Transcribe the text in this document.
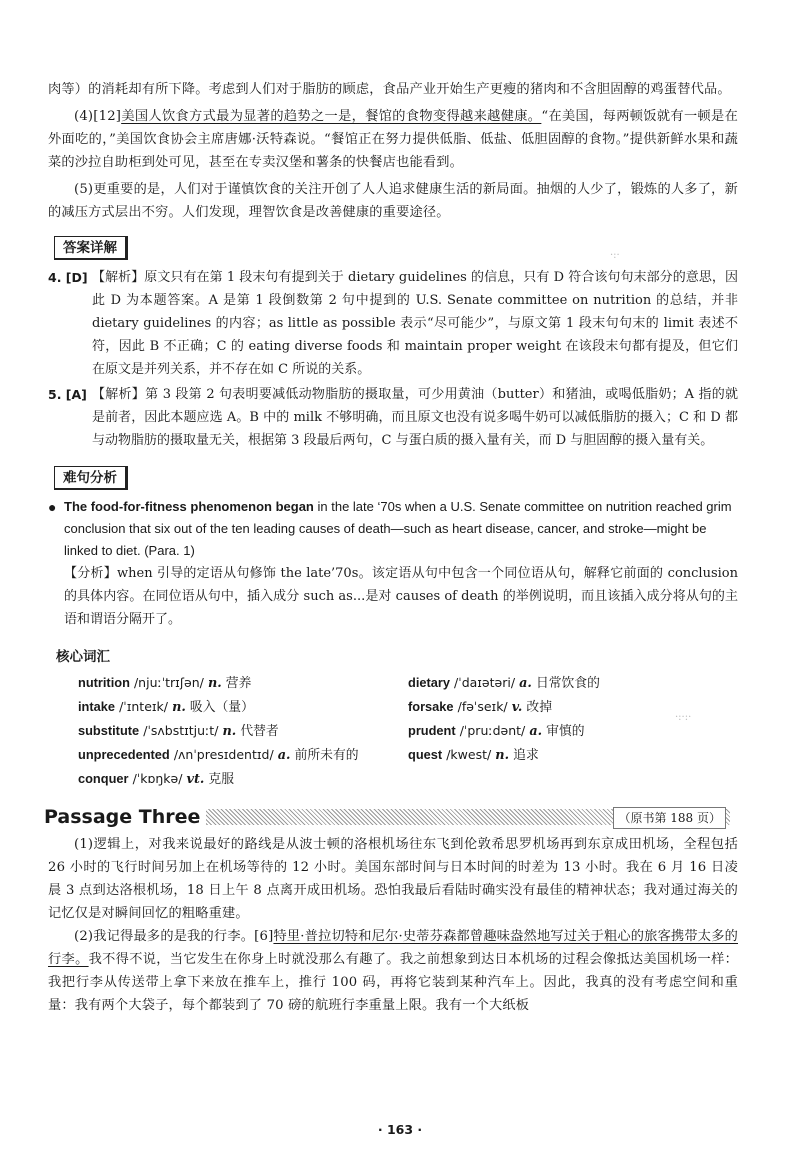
肉等）的消耗却有所下降。考虑到人们对于脂肪的顾虑，食品产业开始生产更瘦的猪肉和不含胆固醇的鸡蛋替代品。

(4)[12]美国人饮食方式最为显著的趋势之一是，餐馆的食物变得越来越健康。“在美国，每两顿饭就有一顿是在外面吃的，”美国饮食协会主席唐娜·沃特森说。“餐馆正在努力提供低脂、低盐、低胆固醇的食物。”提供新鲜水果和蔬菜的沙拉自助柜到处可见，甚至在专卖汉堡和薯条的快餐店也能看到。

(5)更重要的是，人们对于谨慎饮食的关注开创了人人追求健康生活的新局面。抽烟的人少了，锻炼的人多了，新的减压方式层出不穷。人们发现，理智饮食是改善健康的重要途径。

答案详解
4. [D] 【解析】原文只有在第 1 段末句有提到关于 dietary guidelines 的信息，只有 D 符合该句句末部分的意思，因此 D 为本题答案。A 是第 1 段倒数第 2 句中提到的 U.S. Senate committee on nutrition 的总结，并非 dietary guidelines 的内容；as little as possible 表示“尽可能少”，与原文第 1 段末句句末的 limit 表述不符，因此 B 不正确；C 的 eating diverse foods 和 maintain proper weight 在该段末句都有提及，但它们在原文是并列关系，并不存在如 C 所说的关系。
5. [A] 【解析】第 3 段第 2 句表明要减低动物脂肪的摄取量，可少用黄油（butter）和猪油，或喝低脂奶；A 指的就是前者，因此本题应选 A。B 中的 milk 不够明确，而且原文也没有说多喝牛奶可以减低脂肪的摄入；C 和 D 都与动物脂肪的摄取量无关，根据第 3 段最后两句，C 与蛋白质的摄入量有关，而 D 与胆固醇的摄入量有关。
难句分析
● The food-for-fitness phenomenon began in the late ‘70s when a U.S. Senate committee on nutrition reached grim conclusion that six out of the ten leading causes of death—such as heart disease, cancer, and stroke—might be linked to diet. (Para. 1)
【分析】when 引导的定语从句修饰 the late’70s。该定语从句中包含一个同位语从句，解释它前面的 conclusion 的具体内容。在同位语从句中，插入成分 such as...是对 causes of death 的举例说明，而且该插入成分将从句的主语和谓语分隔开了。
核心词汇
nutrition /njuːˈtrɪʃən/ n. 营养	dietary /ˈdaɪətəri/ a. 日常饮食的
intake /ˈɪnteɪk/ n. 吸入（量）	forsake /fəˈseɪk/ v. 改掉
substitute /ˈsʌbstɪtjuːt/ n. 代替者	prudent /ˈpruːdənt/ a. 审慎的
unprecedented /ʌnˈpresɪdentɪd/ a. 前所未有的	quest /kwest/ n. 追求
conquer /ˈkɒŋkə/ vt. 克服
Passage Three	（原书第 188 页）

(1)逻辑上，对我来说最好的路线是从波士顿的洛根机场往东飞到伦敦希思罗机场再到东京成田机场，全程包括 26 小时的飞行时间另加上在机场等待的 12 小时。美国东部时间与日本时间的时差为 13 小时。我在 6 月 16 日凌晨 3 点到达洛根机场，18 日上午 8 点离开成田机场。恐怕我最后看陆时确实没有最佳的精神状态；我对通过海关的记忆仅是对瞬间回忆的粗略重建。

(2)我记得最多的是我的行李。[6]特里·普拉切特和尼尔·史蒂芬森都曾趣味盎然地写过关于粗心的旅客携带太多的行李。我不得不说，当它发生在你身上时就没那么有趣了。我之前想象到达日本机场的过程会像抵达美国机场一样：我把行李从传送带上拿下来放在推车上，推行 100 码，再将它装到某种汽车上。因此，我真的没有考虑空间和重量：我有两个大袋子，每个都装到了 70 磅的航班行李重量上限。我有一个大纸板

· 163 ·
·:·
·:·:·
